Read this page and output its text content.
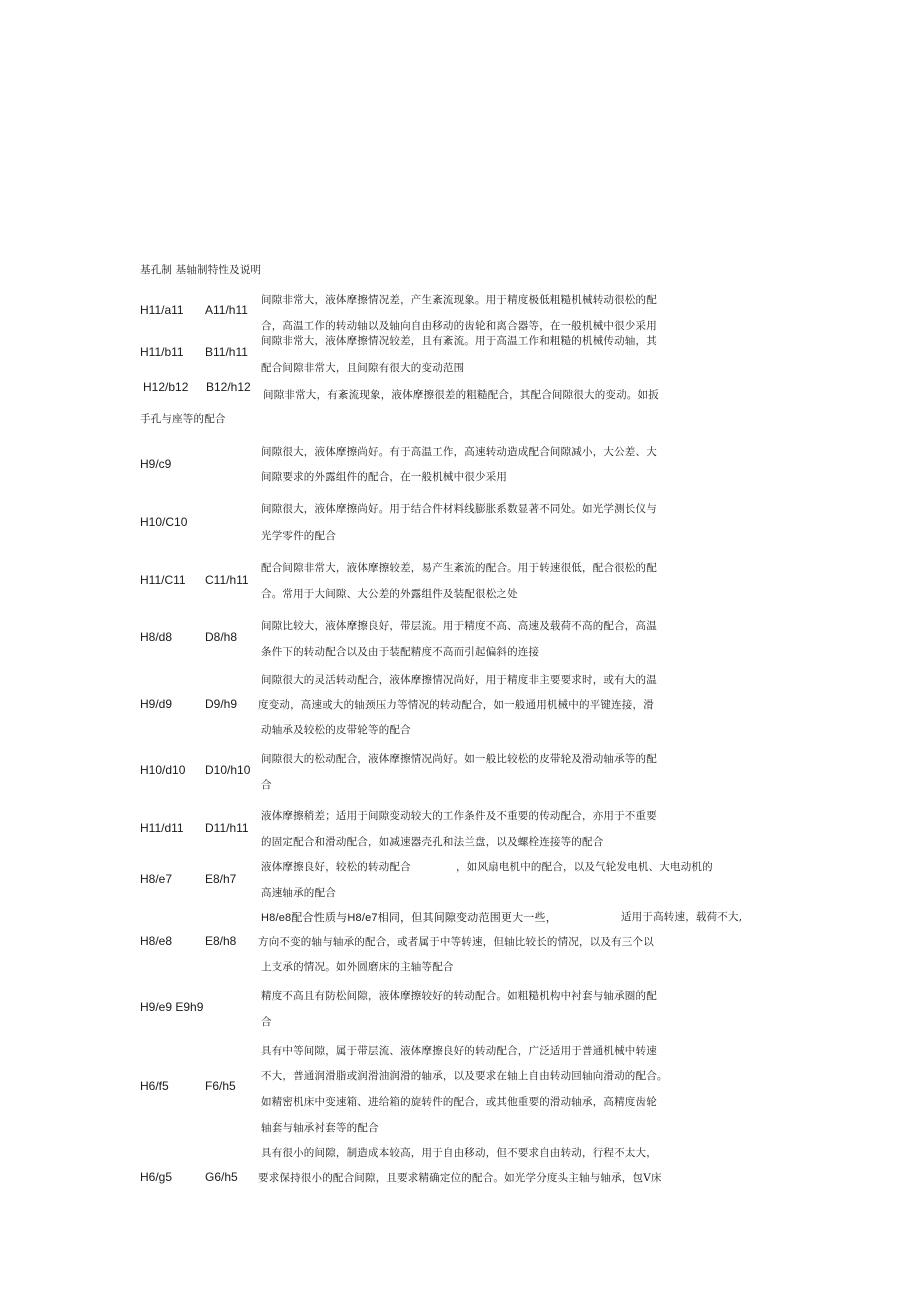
基孔制 基轴制特性及说明
H11/a11 A11/h11
间隙非常大，液体摩擦情况差，产生紊流现象。用于精度极低粗糙机械转动很松的配
合，高温工作的转动轴以及轴向自由移动的齿轮和离合器等，在一般机械中很少采用
H11/b11 B11/h11
间隙非常大，液体摩擦情况较差，且有紊流。用于高温工作和粗糙的机械传动轴，其
配合间隙非常大，且间隙有很大的变动范围
H12/b12 B12/h12
间隙非常大，有紊流现象，液体摩擦很差的粗糙配合，其配合间隙很大的变动。如扳
手孔与座等的配合
H9/c9
间隙很大，液体摩擦尚好。有于高温工作，高速转动造成配合间隙减小，大公差、大
间隙要求的外露组件的配合，在一般机械中很少采用
H10/C10
间隙很大，液体摩擦尚好。用于结合件材料线膨胀系数显著不同处。如光学测长仪与
光学零件的配合
H11/C11 C11/h11
配合间隙非常大，液体摩擦较差，易产生紊流的配合。用于转速很低，配合很松的配
合。常用于大间隙、大公差的外露组件及装配很松之处
H8/d8	D8/h8
间隙比较大，液体摩擦良好，带层流。用于精度不高、高速及载荷不高的配合，高温
条件下的转动配合以及由于装配精度不高而引起偏斜的连接
H9/d9	D9/h9
间隙很大的灵活转动配合，液体摩擦情况尚好，用于精度非主要要求时，或有大的温
度变动，高速或大的轴颈压力等情况的转动配合，如一般通用机械中的平键连接，滑
动轴承及较松的皮带轮等的配合
H10/d10 D10/h10
间隙很大的松动配合，液体摩擦情况尚好。如一般比较松的皮带轮及滑动轴承等的配
合
H11/d11 D11/h11
液体摩擦稍差；适用于间隙变动较大的工作条件及不重要的传动配合，亦用于不重要
的固定配合和滑动配合，如减速器壳孔和法兰盘，以及螺栓连接等的配合
H8/e7	E8/h7
液体摩擦良好，较松的转动配合	，如风扇电机中的配合，以及气轮发电机、大电动机的
高速轴承的配合
H8/e8	E8/h8
H8/e8配合性质与H8/e7相同，但其间隙变动范围更大一些，	适用于高转速，载荷不大,
方向不变的轴与轴承的配合，或者属于中等转速，但轴比较长的情况，以及有三个以
上支承的情况。如外圆磨床的主轴等配合
H9/e9 E9h9
精度不高且有防松间隙，液体摩擦较好的转动配合。如粗糙机构中衬套与轴承圈的配
合
H6/f5	F6/h5
具有中等间隙，属于带层流、液体摩擦良好的转动配合，广泛适用于普通机械中转速
不大，普通润滑脂或润滑油润滑的轴承，以及要求在轴上自由转动回轴向滑动的配合。
如精密机床中变速箱、进给箱的旋转件的配合，或其他重要的滑动轴承，高精度齿轮
轴套与轴承衬套等的配合
H6/g5	G6/h5
具有很小的间隙，制造成本较高，用于自由移动，但不要求自由转动，行程不太大，
要求保持很小的配合间隙，且要求精确定位的配合。如光学分度头主轴与轴承，包V床
